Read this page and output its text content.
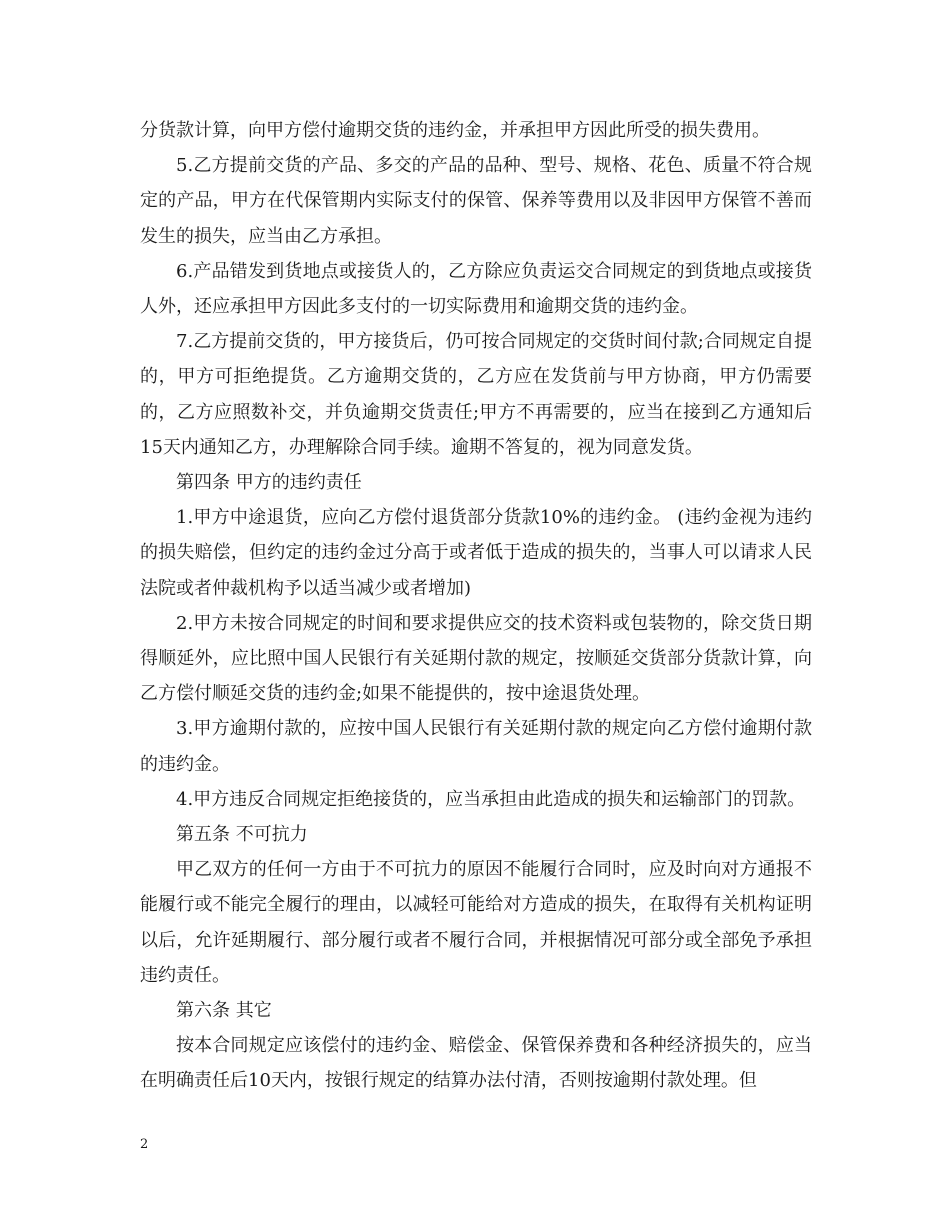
分货款计算，向甲方偿付逾期交货的违约金，并承担甲方因此所受的损失费用。

5.乙方提前交货的产品、多交的产品的品种、型号、规格、花色、质量不符合规定的产品，甲方在代保管期内实际支付的保管、保养等费用以及非因甲方保管不善而发生的损失，应当由乙方承担。

6.产品错发到货地点或接货人的，乙方除应负责运交合同规定的到货地点或接货人外，还应承担甲方因此多支付的一切实际费用和逾期交货的违约金。

7.乙方提前交货的，甲方接货后，仍可按合同规定的交货时间付款;合同规定自提的，甲方可拒绝提货。乙方逾期交货的，乙方应在发货前与甲方协商，甲方仍需要的，乙方应照数补交，并负逾期交货责任;甲方不再需要的，应当在接到乙方通知后15天内通知乙方，办理解除合同手续。逾期不答复的，视为同意发货。

第四条 甲方的违约责任

1.甲方中途退货，应向乙方偿付退货部分货款10%的违约金。 (违约金视为违约的损失赔偿，但约定的违约金过分高于或者低于造成的损失的，当事人可以请求人民法院或者仲裁机构予以适当减少或者增加)

2.甲方未按合同规定的时间和要求提供应交的技术资料或包装物的，除交货日期得顺延外，应比照中国人民银行有关延期付款的规定，按顺延交货部分货款计算，向乙方偿付顺延交货的违约金;如果不能提供的，按中途退货处理。

3.甲方逾期付款的，应按中国人民银行有关延期付款的规定向乙方偿付逾期付款的违约金。

4.甲方违反合同规定拒绝接货的，应当承担由此造成的损失和运输部门的罚款。

第五条 不可抗力

甲乙双方的任何一方由于不可抗力的原因不能履行合同时，应及时向对方通报不能履行或不能完全履行的理由，以减轻可能给对方造成的损失，在取得有关机构证明以后，允许延期履行、部分履行或者不履行合同，并根据情况可部分或全部免予承担违约责任。

第六条 其它

按本合同规定应该偿付的违约金、赔偿金、保管保养费和各种经济损失的，应当在明确责任后10天内，按银行规定的结算办法付清，否则按逾期付款处理。但

2
